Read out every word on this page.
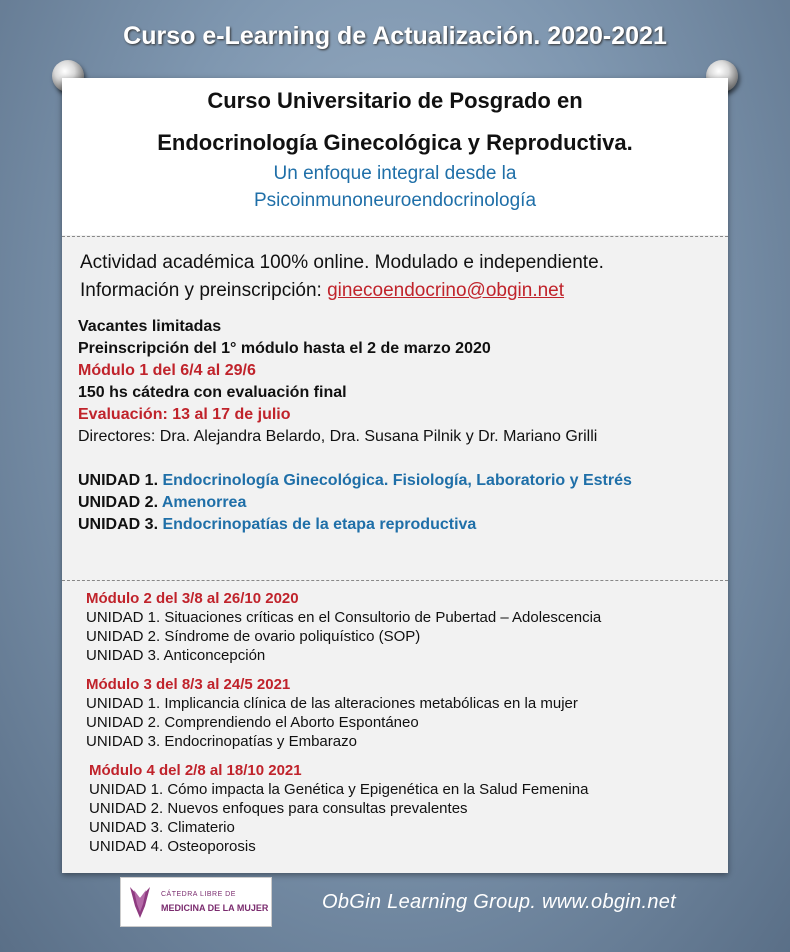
Curso e-Learning de Actualización. 2020-2021
Curso Universitario de Posgrado en
Endocrinología Ginecológica y Reproductiva.
Un enfoque integral desde la
Psicoinmunoneuroendocrinología
Actividad académica 100% online. Modulado e independiente.
Información y preinscripción: ginecoendocrino@obgin.net
Vacantes limitadas
Preinscripción del 1° módulo hasta el 2 de marzo 2020
Módulo 1 del 6/4 al 29/6
150 hs cátedra con evaluación final
Evaluación: 13 al 17 de julio
Directores: Dra. Alejandra Belardo, Dra. Susana Pilnik y Dr. Mariano Grilli
UNIDAD 1. Endocrinología Ginecológica. Fisiología, Laboratorio y Estrés
UNIDAD 2. Amenorrea
UNIDAD 3. Endocrinopatías de la etapa reproductiva
Módulo 2 del 3/8 al 26/10 2020
UNIDAD 1. Situaciones críticas en el Consultorio de Pubertad – Adolescencia
UNIDAD 2. Síndrome de ovario poliquístico (SOP)
UNIDAD 3. Anticoncepción
Módulo 3 del 8/3 al 24/5 2021
UNIDAD 1. Implicancia clínica de las alteraciones metabólicas en la mujer
UNIDAD 2. Comprendiendo el Aborto Espontáneo
UNIDAD 3. Endocrinopatías y Embarazo
Módulo 4 del 2/8 al 18/10 2021
UNIDAD 1. Cómo impacta la Genética y Epigenética en la Salud Femenina
UNIDAD 2. Nuevos enfoques para consultas prevalentes
UNIDAD 3. Climaterio
UNIDAD 4. Osteoporosis
CÁTEDRA LIBRE DE
MEDICINA DE LA MUJER	ObGin Learning Group. www.obgin.net
